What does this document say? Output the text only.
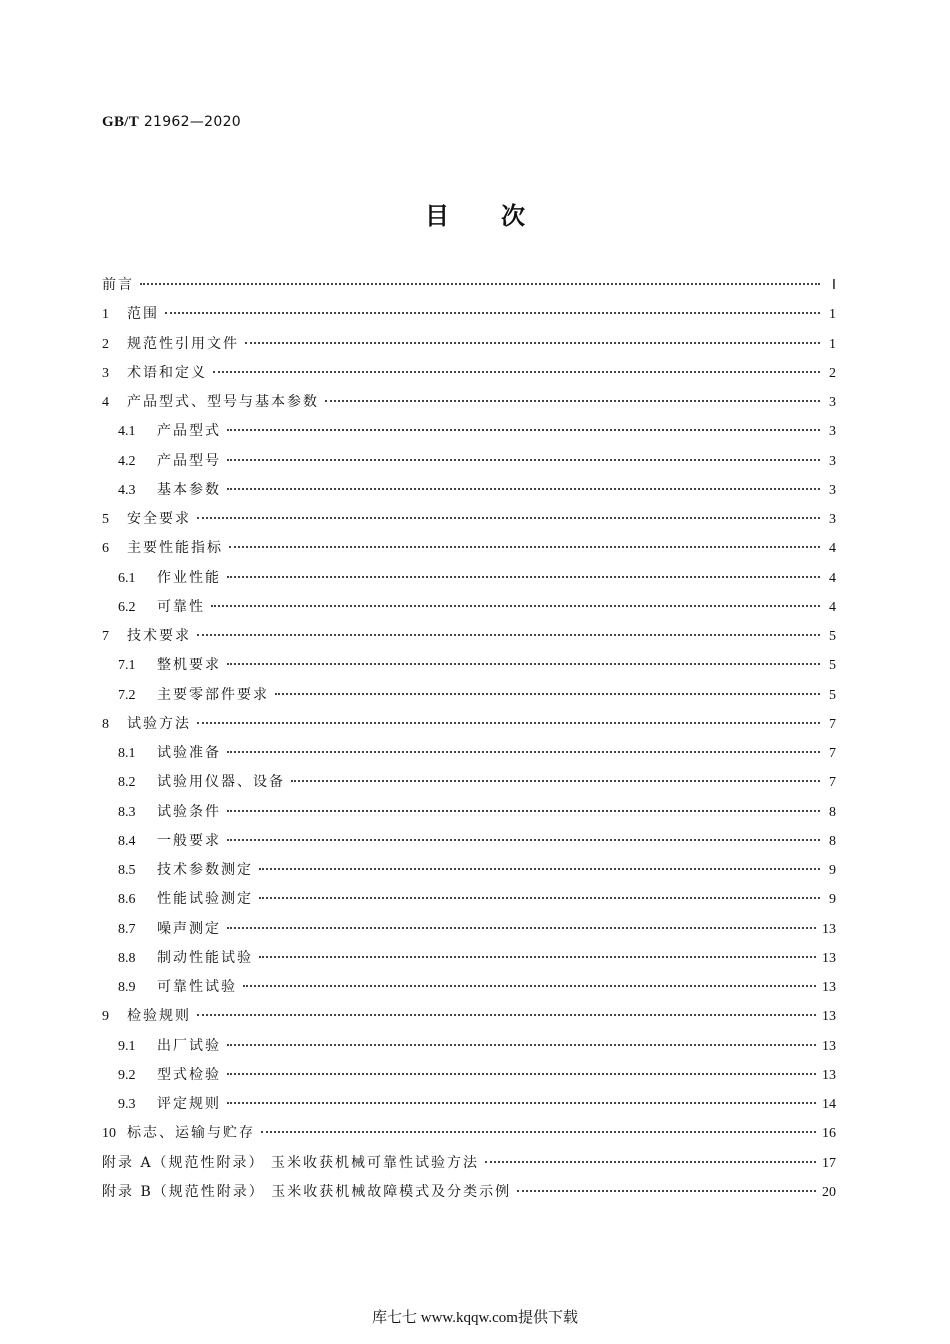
GB/T 21962—2020
目 次
前言	Ⅰ
1	范围	1
2	规范性引用文件	1
3	术语和定义	2
4	产品型式、型号与基本参数	3
4.1	产品型式	3
4.2	产品型号	3
4.3	基本参数	3
5	安全要求	3
6	主要性能指标	4
6.1	作业性能	4
6.2	可靠性	4
7	技术要求	5
7.1	整机要求	5
7.2	主要零部件要求	5
8	试验方法	7
8.1	试验准备	7
8.2	试验用仪器、设备	7
8.3	试验条件	8
8.4	一般要求	8
8.5	技术参数测定	9
8.6	性能试验测定	9
8.7	噪声测定	13
8.8	制动性能试验	13
8.9	可靠性试验	13
9	检验规则	13
9.1	出厂试验	13
9.2	型式检验	13
9.3	评定规则	14
10 标志、运输与贮存	16
附录 A（规范性附录） 玉米收获机械可靠性试验方法	17
附录 B（规范性附录） 玉米收获机械故障模式及分类示例	20
库七七 www.kqqw.com提供下载
